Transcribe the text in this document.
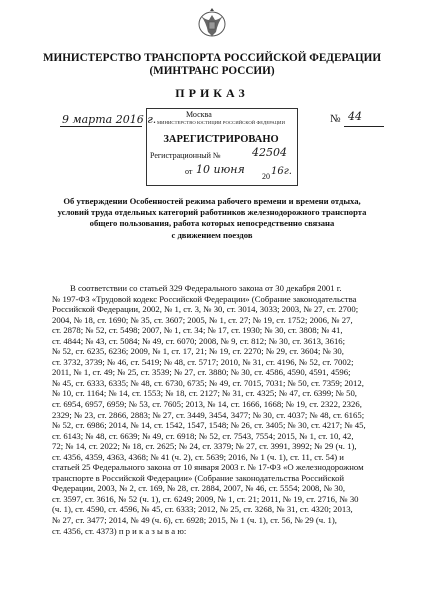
МИНИСТЕРСТВО ТРАНСПОРТА РОССИЙСКОЙ ФЕДЕРАЦИИ
(МИНТРАНС РОССИИ)
ПРИКАЗ
9 марта 2016 г.	№ 44
Москва
МИНИСТЕРСТВО ЮСТИЦИИ РОССИЙСКОЙ ФЕДЕРАЦИИ
ЗАРЕГИСТРИРОВАНО
Регистрационный №	42504
от 10 июня
20 16г.
Об утверждении Особенностей режима рабочего времени и времени отдыха,
условий труда отдельных категорий работников железнодорожного транспорта
общего пользования, работа которых непосредственно связана
с движением поездов
В соответствии со статьей 329 Федерального закона от 30 декабря 2001 г.
№ 197-ФЗ «Трудовой кодекс Российской Федерации» (Собрание законодательства
Российской Федерации, 2002, № 1, ст. 3, № 30, ст. 3014, 3033; 2003, № 27, ст. 2700;
2004, № 18, ст. 1690; № 35, ст. 3607; 2005, № 1, ст. 27; № 19, ст. 1752; 2006, № 27,
ст. 2878; № 52, ст. 5498; 2007, № 1, ст. 34; № 17, ст. 1930; № 30, ст. 3808; № 41,
ст. 4844; № 43, ст. 5084; № 49, ст. 6070; 2008, № 9, ст. 812; № 30, ст. 3613, 3616;
№ 52, ст. 6235, 6236; 2009, № 1, ст. 17, 21; № 19, ст. 2270; № 29, ст. 3604; № 30,
ст. 3732, 3739; № 46, ст. 5419; № 48, ст. 5717; 2010, № 31, ст. 4196, № 52, ст. 7002;
2011, № 1, ст. 49; № 25, ст. 3539; № 27, ст. 3880; № 30, ст. 4586, 4590, 4591, 4596;
№ 45, ст. 6333, 6335; № 48, ст. 6730, 6735; № 49, ст. 7015, 7031; № 50, ст. 7359; 2012,
№ 10, ст. 1164; № 14, ст. 1553; № 18, ст. 2127; № 31, ст. 4325; № 47, ст. 6399; № 50,
ст. 6954, 6957, 6959; № 53, ст. 7605; 2013, № 14, ст. 1666, 1668; № 19, ст. 2322, 2326,
2329; № 23, ст. 2866, 2883; № 27, ст. 3449, 3454, 3477; № 30, ст. 4037; № 48, ст. 6165;
№ 52, ст. 6986; 2014, № 14, ст. 1542, 1547, 1548; № 26, ст. 3405; № 30, ст. 4217; № 45,
ст. 6143; № 48, ст. 6639; № 49, ст. 6918; № 52, ст. 7543, 7554; 2015, № 1, ст. 10, 42,
72; № 14, ст. 2022; № 18, ст. 2625; № 24, ст. 3379; № 27, ст. 3991, 3992; № 29 (ч. 1),
ст. 4356, 4359, 4363, 4368; № 41 (ч. 2), ст. 5639; 2016, № 1 (ч. 1), ст. 11, ст. 54) и
статьей 25 Федерального закона от 10 января 2003 г. № 17-ФЗ «О железнодорожном
транспорте в Российской Федерации» (Собрание законодательства Российской
Федерации, 2003, № 2, ст. 169, № 28, ст. 2884, 2007, № 46, ст. 5554; 2008, № 30,
ст. 3597, ст. 3616, № 52 (ч. 1), ст. 6249; 2009, № 1, ст. 21; 2011, № 19, ст. 2716, № 30
(ч. 1), ст. 4590, ст. 4596, № 45, ст. 6333; 2012, № 25, ст. 3268, № 31, ст. 4320; 2013,
№ 27, ст. 3477; 2014, № 49 (ч. 6), ст. 6928; 2015, № 1 (ч. 1), ст. 56, № 29 (ч. 1),
ст. 4356, ст. 4373) п р и к а з ы в а ю:
